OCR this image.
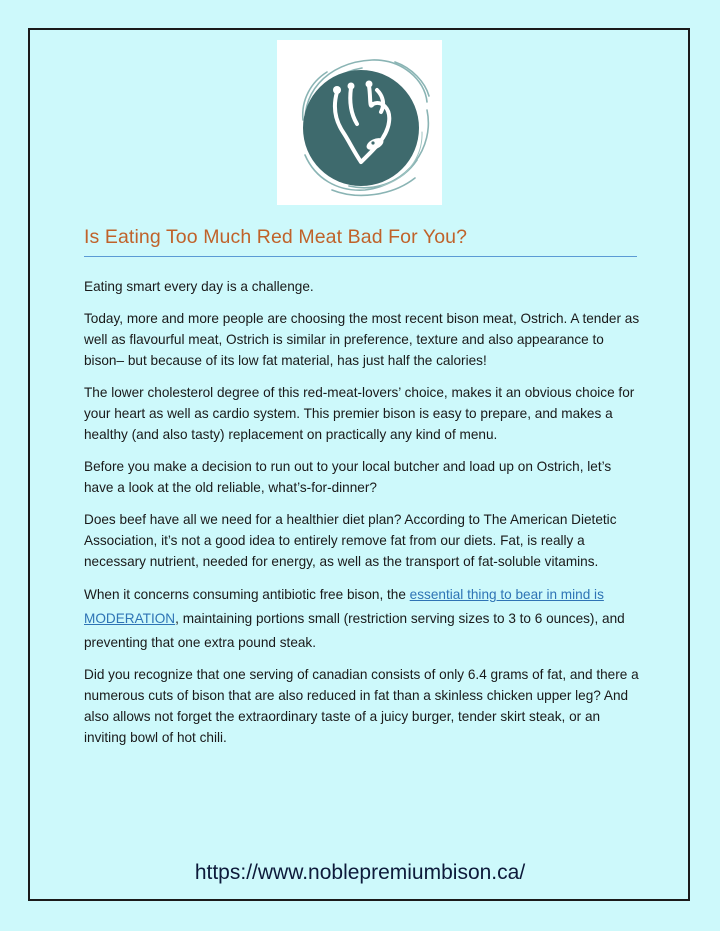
Is Eating Too Much Red Meat Bad For You?

Eating smart every day is a challenge.

Today, more and more people are choosing the most recent bison meat, Ostrich. A tender as well as flavourful meat, Ostrich is similar in preference, texture and also appearance to bison– but because of its low fat material, has just half the calories!

The lower cholesterol degree of this red-meat-lovers’ choice, makes it an obvious choice for your heart as well as cardio system. This premier bison is easy to prepare, and makes a healthy (and also tasty) replacement on practically any kind of menu.

Before you make a decision to run out to your local butcher and load up on Ostrich, let’s have a look at the old reliable, what’s-for-dinner?

Does beef have all we need for a healthier diet plan? According to The American Dietetic Association, it’s not a good idea to entirely remove fat from our diets. Fat, is really a necessary nutrient, needed for energy, as well as the transport of fat-soluble vitamins.

When it concerns consuming antibiotic free bison, the essential thing to bear in mind is MODERATION, maintaining portions small (restriction serving sizes to 3 to 6 ounces), and preventing that one extra pound steak.

Did you recognize that one serving of canadian consists of only 6.4 grams of fat, and there a numerous cuts of bison that are also reduced in fat than a skinless chicken upper leg? And also allows not forget the extraordinary taste of a juicy burger, tender skirt steak, or an inviting bowl of hot chili.

https://www.noblepremiumbison.ca/
